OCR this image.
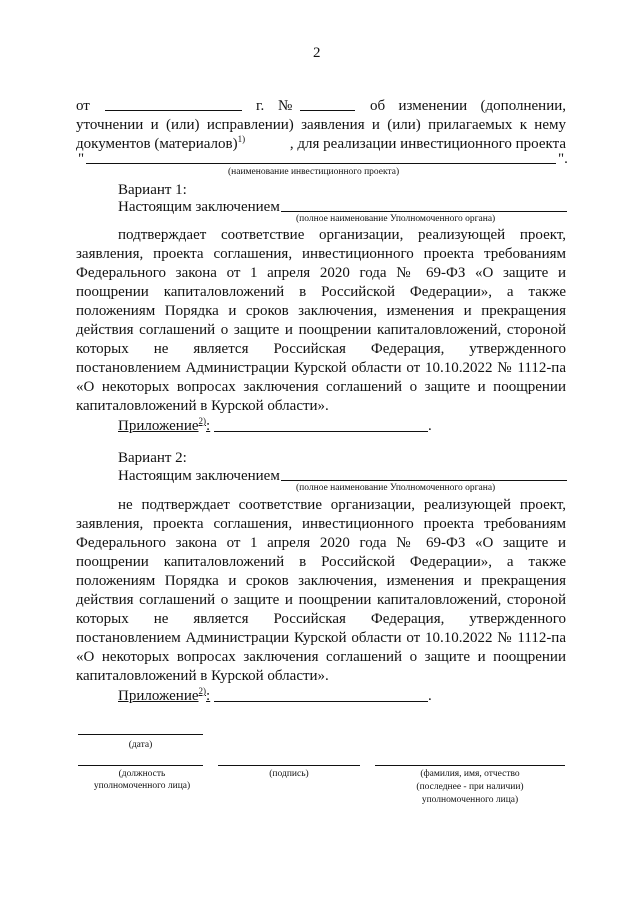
2
от	г. №	об изменении (дополнении,
уточнении и (или) исправлении) заявления и (или) прилагаемых к нему
документов (материалов)$^{1)}$	, для реализации инвестиционного проекта
"	".
(наименование инвестиционного проекта)
Вариант 1:
Настоящим заключением
(полное наименование Уполномоченного органа)
подтверждает соответствие организации, реализующей проект,
заявления, проекта соглашения, инвестиционного проекта требованиям
Федерального закона от 1 апреля 2020 года № 69-ФЗ «О защите и
поощрении капиталовложений в Российской Федерации», а также
положениям Порядка и сроков заключения, изменения и прекращения
действия соглашений о защите и поощрении капиталовложений, стороной
которых не является Российская Федерация, утвержденного
постановлением Администрации Курской области от 10.10.2022 № 1112-па
«О некоторых вопросах заключения соглашений о защите и поощрении
капиталовложений в Курской области».
Приложение$^{2)}$:	.
Вариант 2:
Настоящим заключением
(полное наименование Уполномоченного органа)
не подтверждает соответствие организации, реализующей проект,
заявления, проекта соглашения, инвестиционного проекта требованиям
Федерального закона от 1 апреля 2020 года № 69-ФЗ «О защите и
поощрении капиталовложений в Российской Федерации», а также
положениям Порядка и сроков заключения, изменения и прекращения
действия соглашений о защите и поощрении капиталовложений, стороной
которых не является Российская Федерация, утвержденного
постановлением Администрации Курской области от 10.10.2022 № 1112-па
«О некоторых вопросах заключения соглашений о защите и поощрении
капиталовложений в Курской области».
Приложение$^{2)}$:	.
(дата)
(должность
уполномоченного лица)
(подпись)	(фамилия, имя, отчество
(последнее - при наличии)
уполномоченного лица)
